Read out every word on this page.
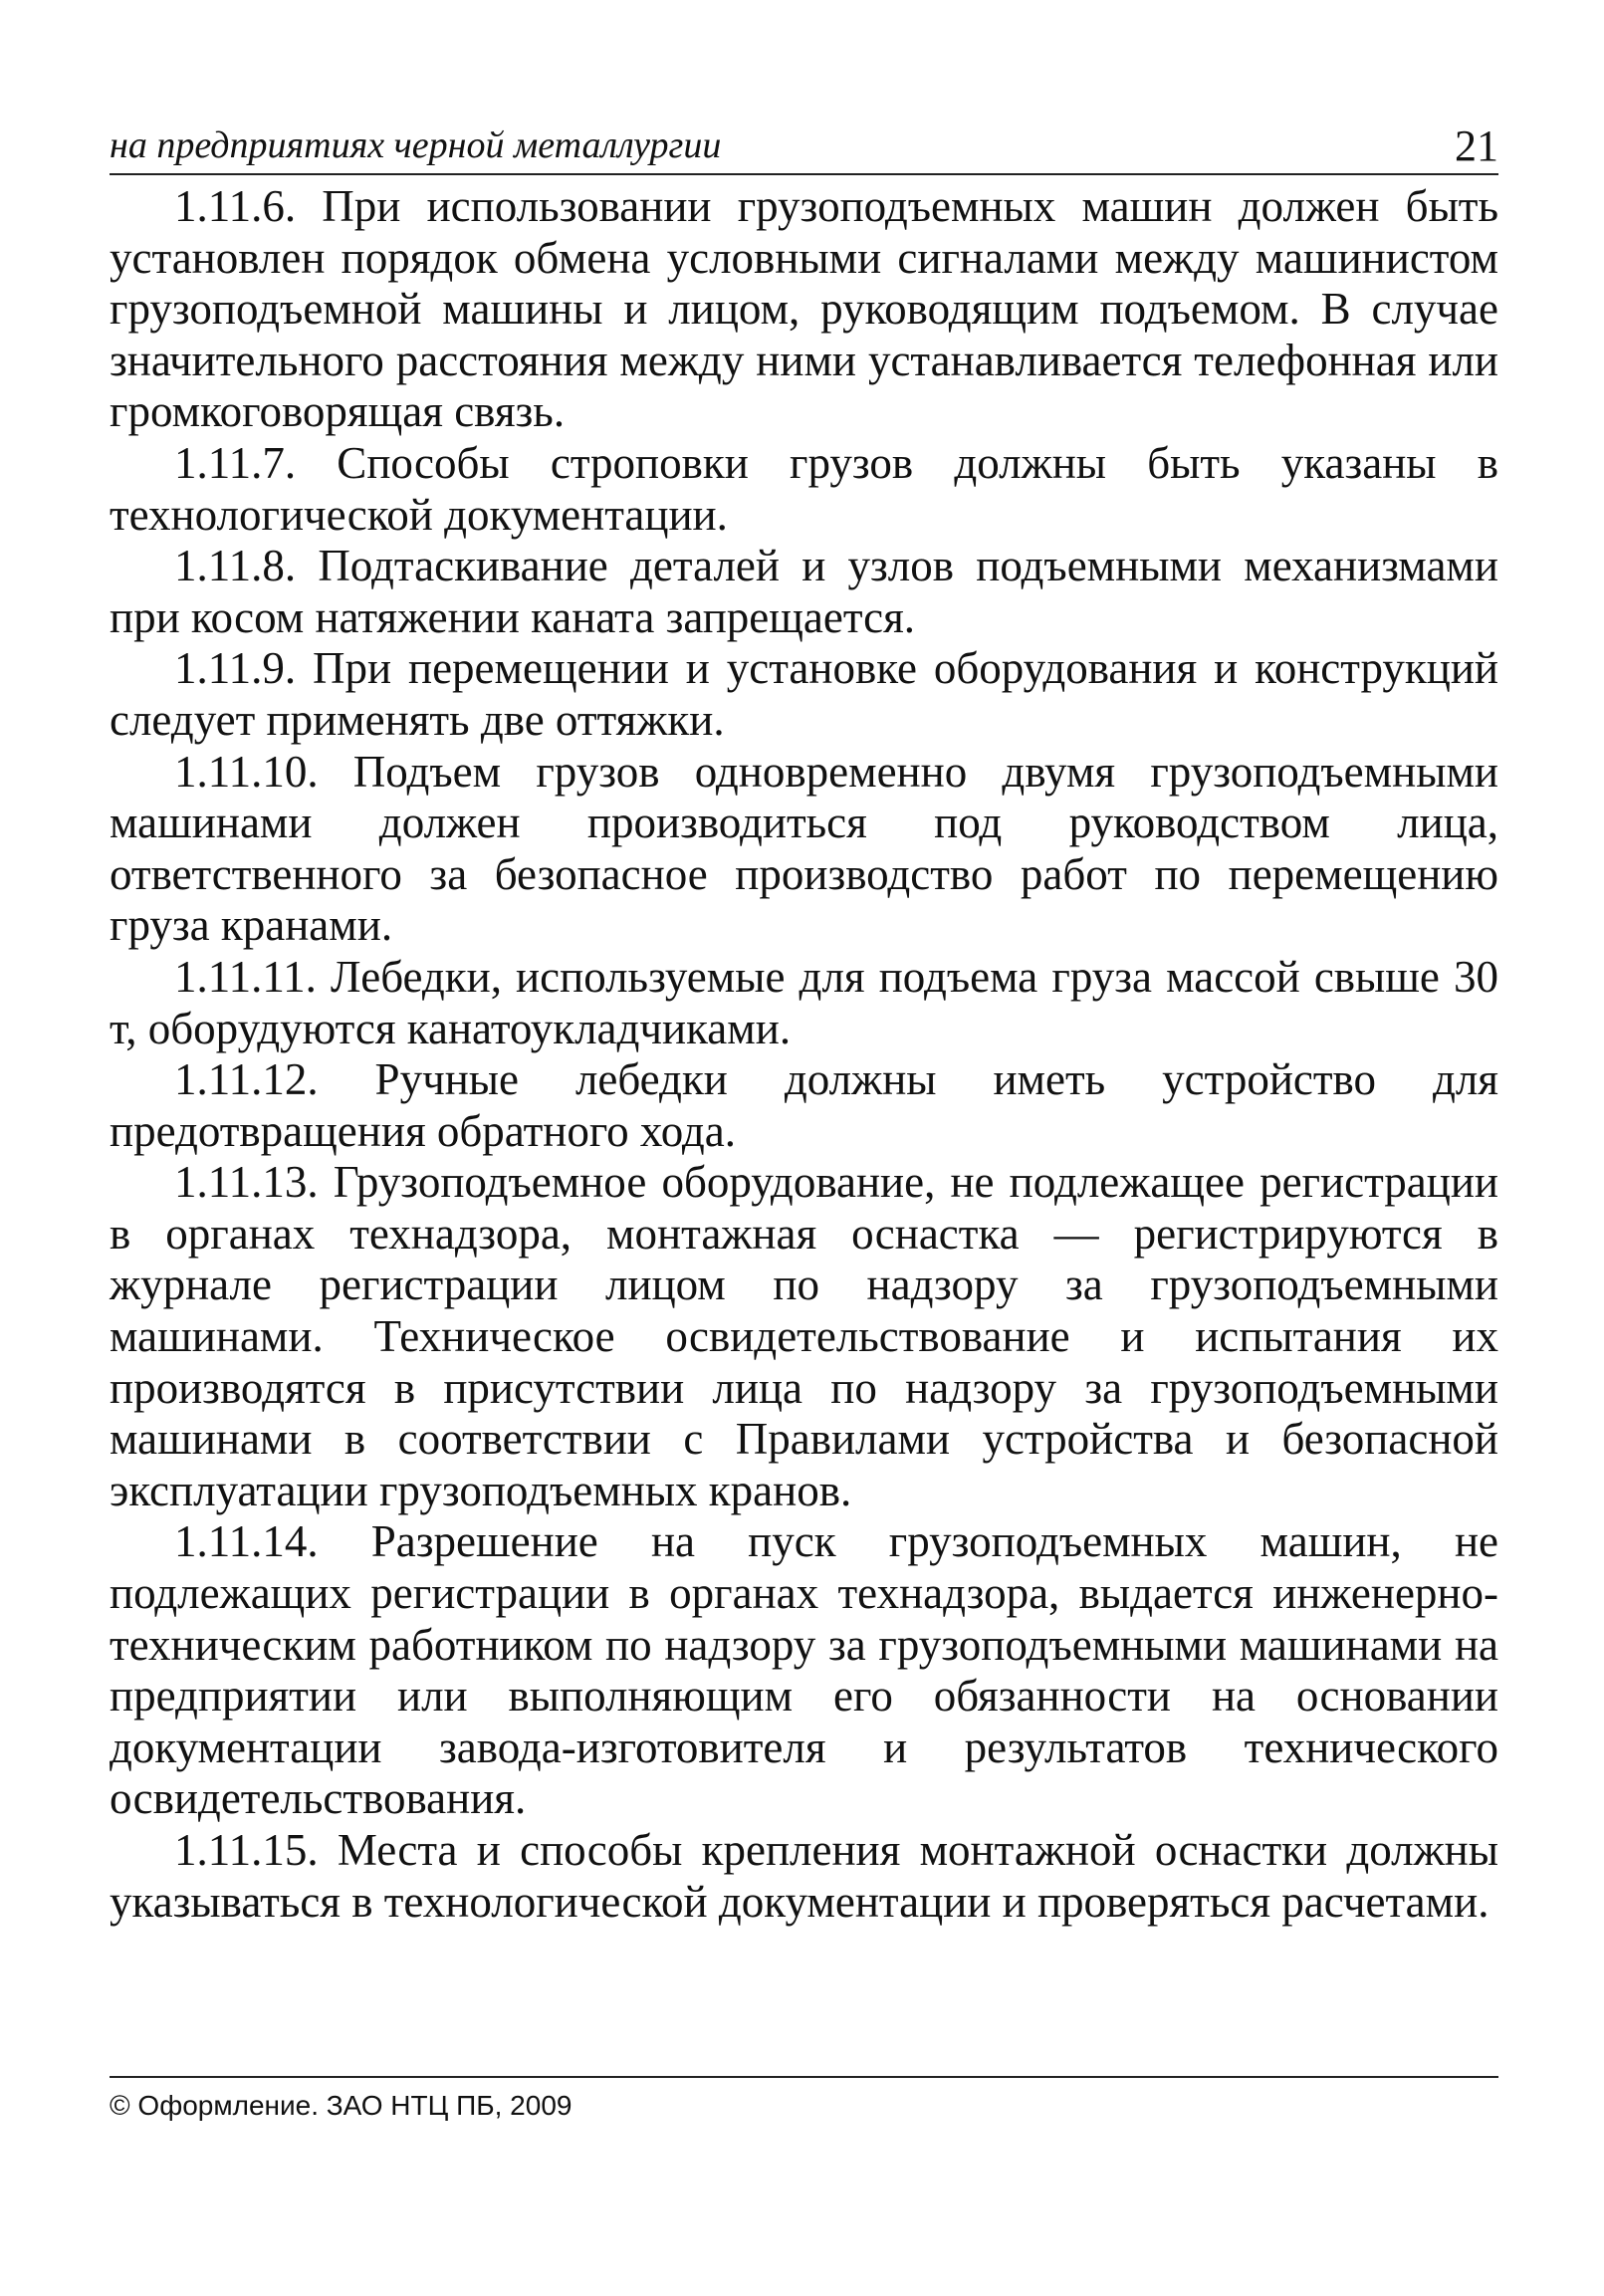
на предприятиях черной металлургии	21

1.11.6. При использовании грузоподъемных машин должен быть установлен порядок обмена условными сигналами между машинистом грузоподъемной машины и лицом, руководящим подъемом. В случае значительного расстояния между ними устанавливается телефонная или громкоговорящая связь.

1.11.7. Способы строповки грузов должны быть указаны в технологической документации.

1.11.8. Подтаскивание деталей и узлов подъемными механизмами при косом натяжении каната запрещается.

1.11.9. При перемещении и установке оборудования и конструкций следует применять две оттяжки.

1.11.10. Подъем грузов одновременно двумя грузоподъемными машинами должен производиться под руководством лица, ответственного за безопасное производство работ по перемещению груза кранами.

1.11.11. Лебедки, используемые для подъема груза массой свыше 30 т, оборудуются канатоукладчиками.

1.11.12. Ручные лебедки должны иметь устройство для предотвращения обратного хода.

1.11.13. Грузоподъемное оборудование, не подлежащее регистрации в органах технадзора, монтажная оснастка — регистрируются в журнале регистрации лицом по надзору за грузоподъемными машинами. Техническое освидетельствование и испытания их производятся в присутствии лица по надзору за грузоподъемными машинами в соответствии с Правилами устройства и безопасной эксплуатации грузоподъемных кранов.

1.11.14. Разрешение на пуск грузоподъемных машин, не подлежащих регистрации в органах технадзора, выдается инженерно-техническим работником по надзору за грузоподъемными машинами на предприятии или выполняющим его обязанности на основании документации завода-изготовителя и результатов технического освидетельствования.

1.11.15. Места и способы крепления монтажной оснастки должны указываться в технологической документации и проверяться расчетами.

© Оформление. ЗАО НТЦ ПБ, 2009
